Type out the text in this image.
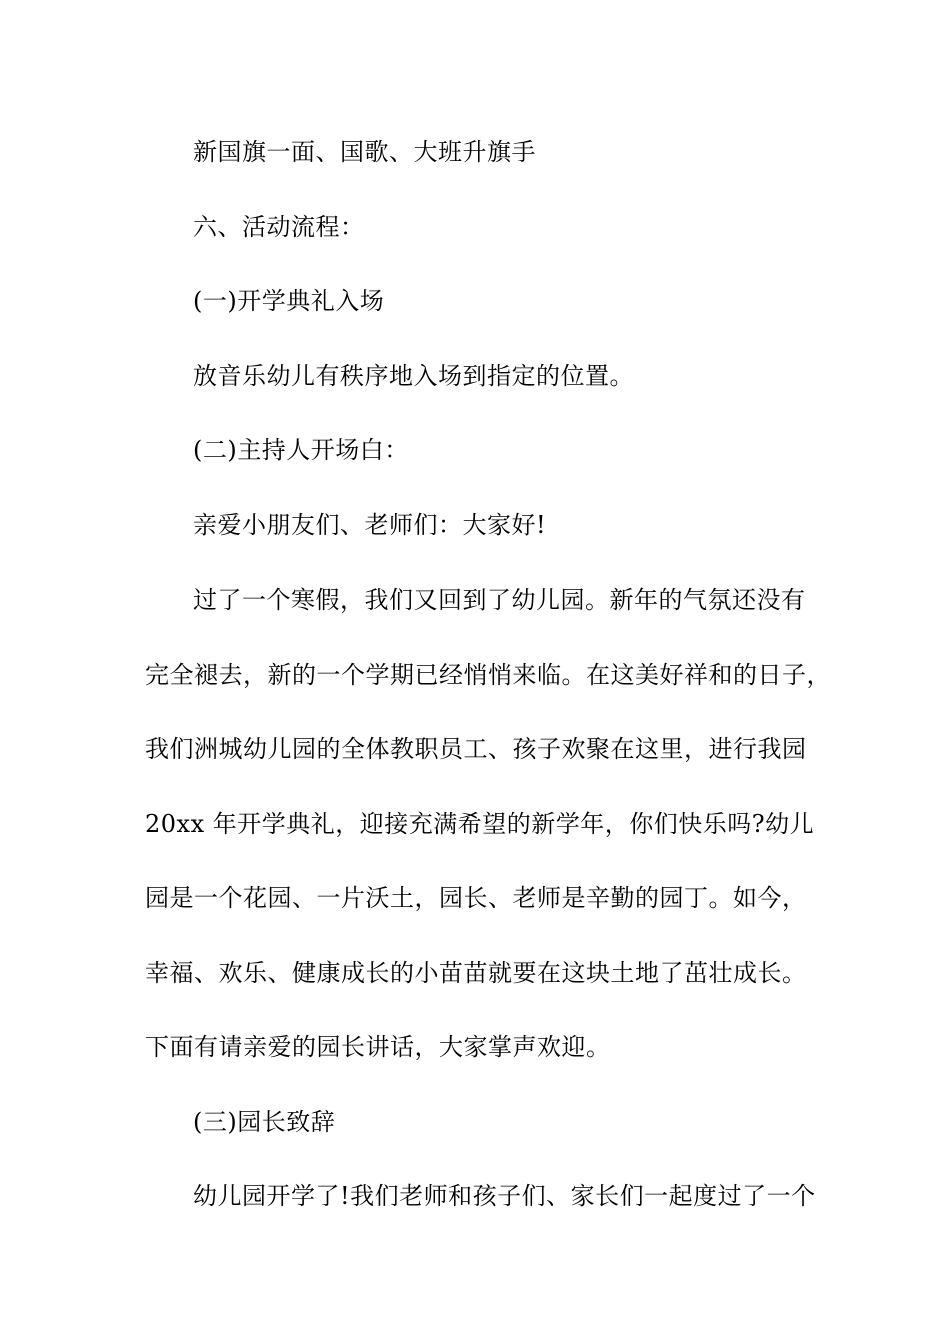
新国旗一面、国歌、大班升旗手
六、活动流程：
(一)开学典礼入场
放音乐幼儿有秩序地入场到指定的位置。
(二)主持人开场白：
亲爱小朋友们、老师们：大家好!
过了一个寒假，我们又回到了幼儿园。新年的气氛还没有
完全褪去，新的一个学期已经悄悄来临。在这美好祥和的日子，
我们洲城幼儿园的全体教职员工、孩子欢聚在这里，进行我园
20xx 年开学典礼，迎接充满希望的新学年，你们快乐吗?幼儿
园是一个花园、一片沃土，园长、老师是辛勤的园丁。如今，
幸福、欢乐、健康成长的小苗苗就要在这块土地了茁壮成长。
下面有请亲爱的园长讲话，大家掌声欢迎。
(三)园长致辞
幼儿园开学了!我们老师和孩子们、家长们一起度过了一个
